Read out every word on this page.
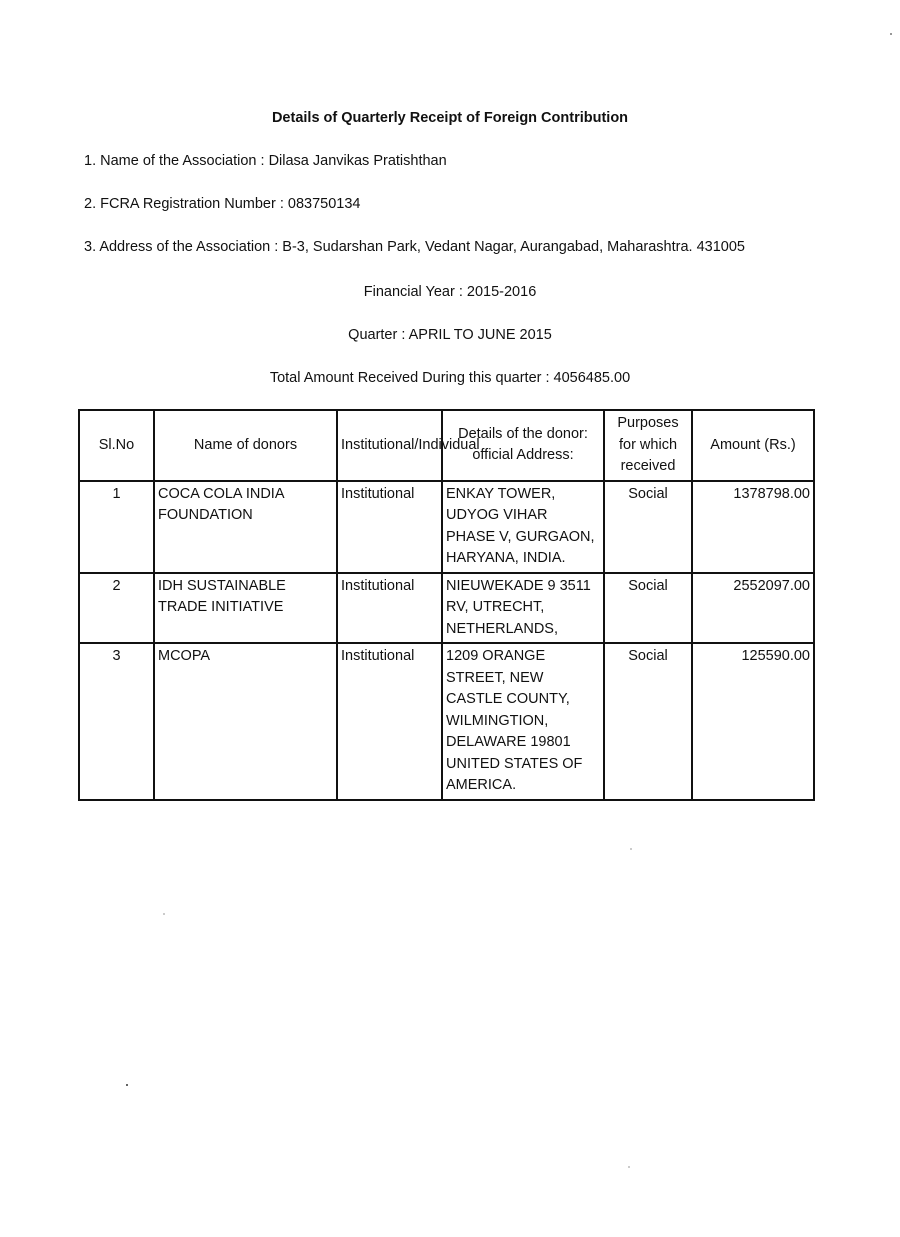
Details of Quarterly Receipt of Foreign Contribution
1. Name of the Association : Dilasa Janvikas Pratishthan
2. FCRA Registration Number : 083750134
3. Address of the Association : B-3, Sudarshan Park, Vedant Nagar, Aurangabad, Maharashtra. 431005
Financial Year : 2015-2016
Quarter : APRIL TO JUNE 2015
Total Amount Received During this quarter : 4056485.00
Sl.No	Name of donors	Institutional/Individual	Details of the donor: official Address:	Purposes for which received	Amount (Rs.)
1	COCA COLA INDIA FOUNDATION	Institutional	ENKAY TOWER, UDYOG VIHAR PHASE V, GURGAON, HARYANA, INDIA.	Social	1378798.00
2	IDH SUSTAINABLE TRADE INITIATIVE	Institutional	NIEUWEKADE 9 3511 RV, UTRECHT, NETHERLANDS,	Social	2552097.00
3	MCOPA	Institutional	1209 ORANGE STREET, NEW CASTLE COUNTY, WILMINGTION, DELAWARE 19801 UNITED STATES OF AMERICA.	Social	125590.00
